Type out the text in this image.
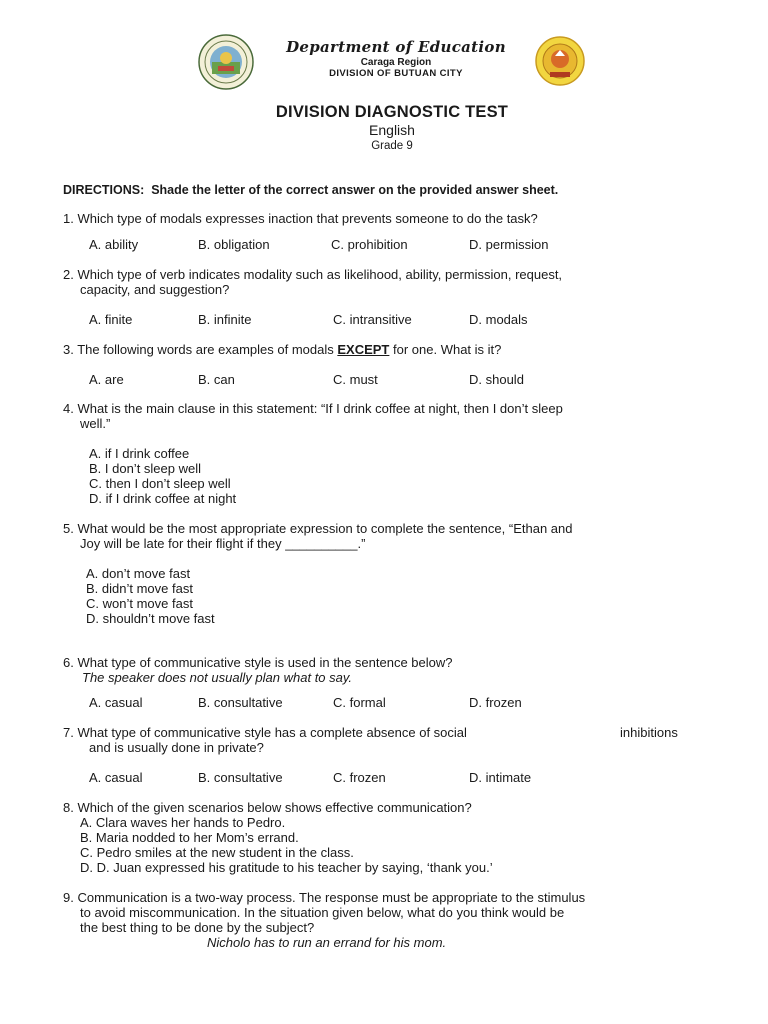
Department of Education
Caraga Region
DIVISION OF BUTUAN CITY
DIVISION DIAGNOSTIC TEST
English
Grade 9
DIRECTIONS: Shade the letter of the correct answer on the provided answer sheet.
1. Which type of modals expresses inaction that prevents someone to do the task?
A. ability	B. obligation	C. prohibition	D. permission
2. Which type of verb indicates modality such as likelihood, ability, permission, request,
capacity, and suggestion?
A. finite	B. infinite	C. intransitive	D. modals
3. The following words are examples of modals EXCEPT for one. What is it?
A. are	B. can	C. must	D. should
4. What is the main clause in this statement: “If I drink coffee at night, then I don’t sleep
well.”
A. if I drink coffee
B. I don’t sleep well
C. then I don’t sleep well
D. if I drink coffee at night
5. What would be the most appropriate expression to complete the sentence, “Ethan and
Joy will be late for their flight if they __________.”
A. don’t move fast
B. didn’t move fast
C. won’t move fast
D. shouldn’t move fast
6. What type of communicative style is used in the sentence below?
The speaker does not usually plan what to say.
A. casual	B. consultative	C. formal	D. frozen
7. What type of communicative style has a complete absence of social	inhibitions
and is usually done in private?
A. casual	B. consultative	C. frozen	D. intimate
8. Which of the given scenarios below shows effective communication?
A. Clara waves her hands to Pedro.
B. Maria nodded to her Mom’s errand.
C. Pedro smiles at the new student in the class.
D. D. Juan expressed his gratitude to his teacher by saying, ‘thank you.’
9. Communication is a two-way process. The response must be appropriate to the stimulus
to avoid miscommunication. In the situation given below, what do you think would be
the best thing to be done by the subject?
Nicholo has to run an errand for his mom.
